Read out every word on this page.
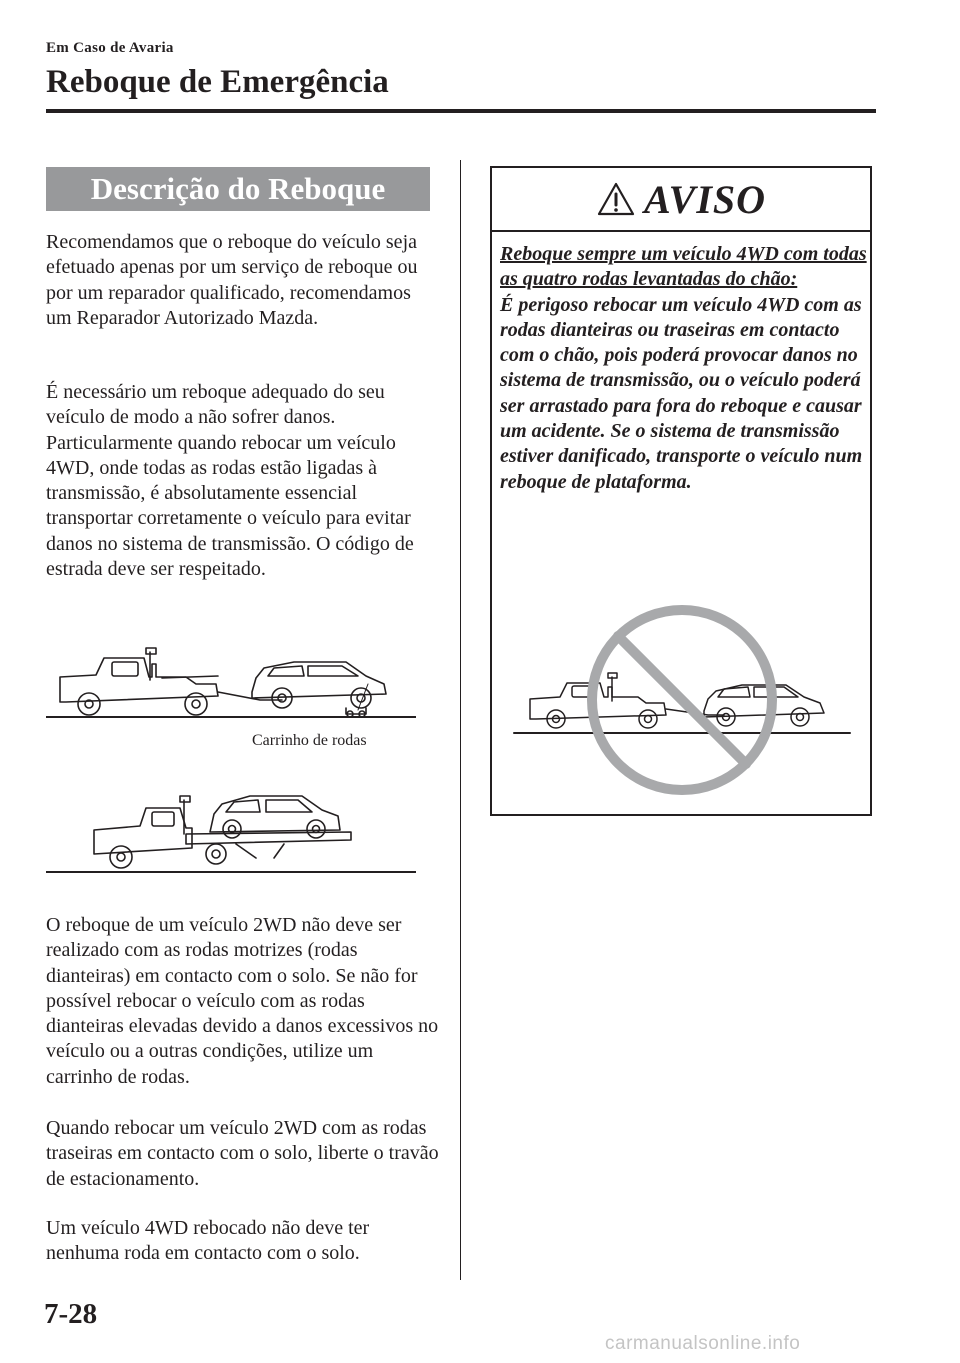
Em Caso de Avaria
Reboque de Emergência
Descrição do Reboque

Recomendamos que o reboque do veículo seja efetuado apenas por um serviço de reboque ou por um reparador qualificado, recomendamos um Reparador Autorizado Mazda.

É necessário um reboque adequado do seu veículo de modo a não sofrer danos. Particularmente quando rebocar um veículo 4WD, onde todas as rodas estão ligadas à transmissão, é absolutamente essencial transportar corretamente o veículo para evitar danos no sistema de transmissão. O código de estrada deve ser respeitado.

Carrinho de rodas

O reboque de um veículo 2WD não deve ser realizado com as rodas motrizes (rodas dianteiras) em contacto com o solo. Se não for possível rebocar o veículo com as rodas dianteiras elevadas devido a danos excessivos no veículo ou a outras condições, utilize um carrinho de rodas.

Quando rebocar um veículo 2WD com as rodas traseiras em contacto com o solo, liberte o travão de estacionamento.

Um veículo 4WD rebocado não deve ter nenhuma roda em contacto com o solo.

AVISO
Reboque sempre um veículo 4WD com todas as quatro rodas levantadas do chão:
É perigoso rebocar um veículo 4WD com as rodas dianteiras ou traseiras em contacto com o chão, pois poderá provocar danos no sistema de transmissão, ou o veículo poderá ser arrastado para fora do reboque e causar um acidente. Se o sistema de transmissão estiver danificado, transporte o veículo num reboque de plataforma.
7-28
carmanualsonline.info
